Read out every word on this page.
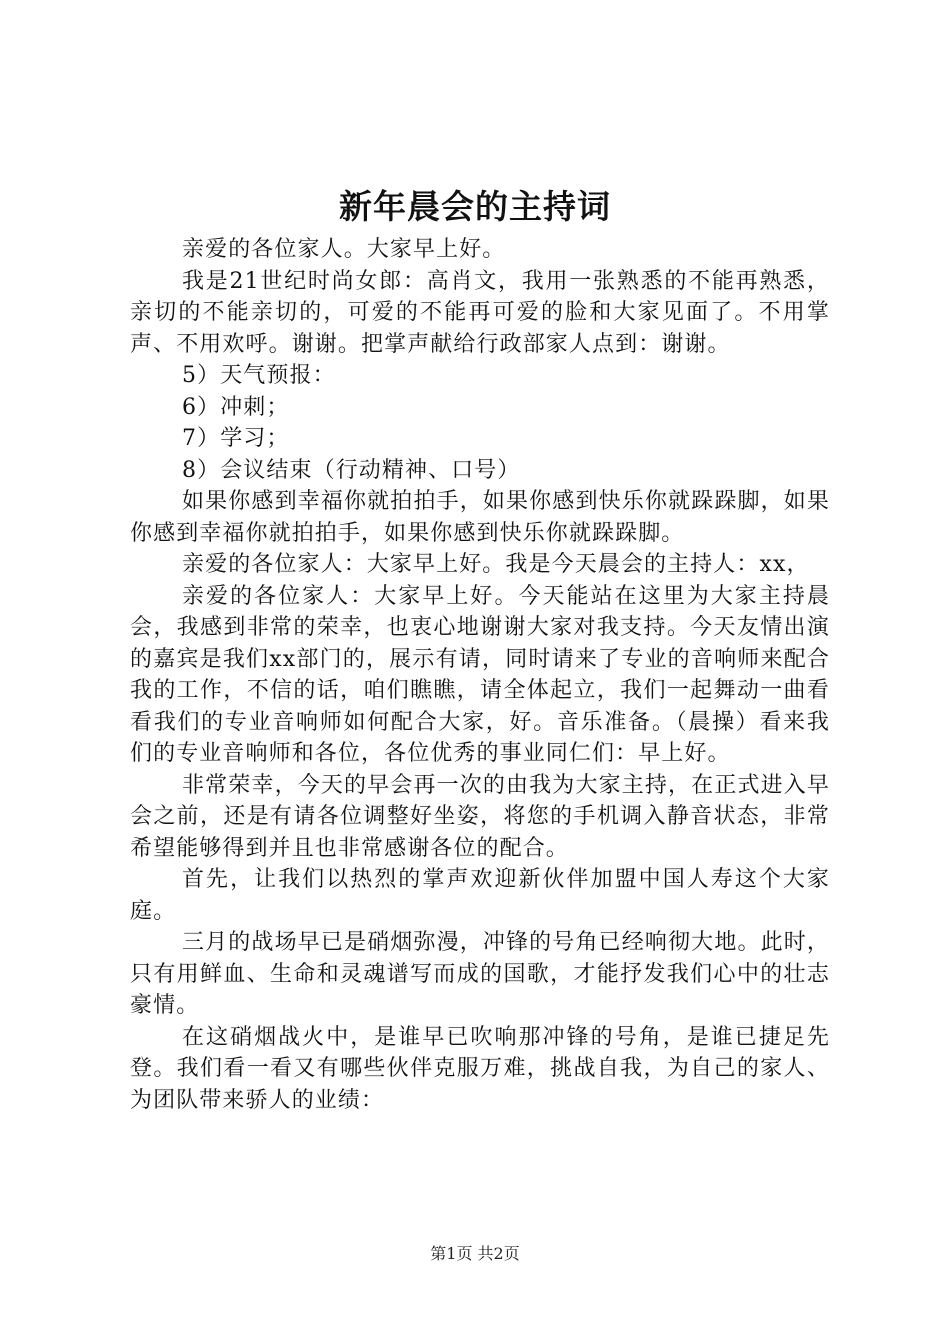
新年晨会的主持词

亲爱的各位家人。大家早上好。

我是21世纪时尚女郎：高肖文，我用一张熟悉的不能再熟悉，亲切的不能亲切的，可爱的不能再可爱的脸和大家见面了。不用掌声、不用欢呼。谢谢。把掌声献给行政部家人点到：谢谢。

5）天气预报：

6）冲刺；

7）学习；

8）会议结束（行动精神、口号）

如果你感到幸福你就拍拍手，如果你感到快乐你就跺跺脚，如果你感到幸福你就拍拍手，如果你感到快乐你就跺跺脚。

亲爱的各位家人：大家早上好。我是今天晨会的主持人：xx，

亲爱的各位家人：大家早上好。今天能站在这里为大家主持晨会，我感到非常的荣幸，也衷心地谢谢大家对我支持。今天友情出演的嘉宾是我们xx部门的，展示有请，同时请来了专业的音响师来配合我的工作，不信的话，咱们瞧瞧，请全体起立，我们一起舞动一曲看看我们的专业音响师如何配合大家，好。音乐准备。（晨操）看来我们的专业音响师和各位，各位优秀的事业同仁们：早上好。

非常荣幸，今天的早会再一次的由我为大家主持，在正式进入早会之前，还是有请各位调整好坐姿，将您的手机调入静音状态，非常希望能够得到并且也非常感谢各位的配合。

首先，让我们以热烈的掌声欢迎新伙伴加盟中国人寿这个大家庭。

三月的战场早已是硝烟弥漫，冲锋的号角已经响彻大地。此时，只有用鲜血、生命和灵魂谱写而成的国歌，才能抒发我们心中的壮志豪情。

在这硝烟战火中，是谁早已吹响那冲锋的号角，是谁已捷足先登。我们看一看又有哪些伙伴克服万难，挑战自我，为自己的家人、为团队带来骄人的业绩：

第1页 共2页
